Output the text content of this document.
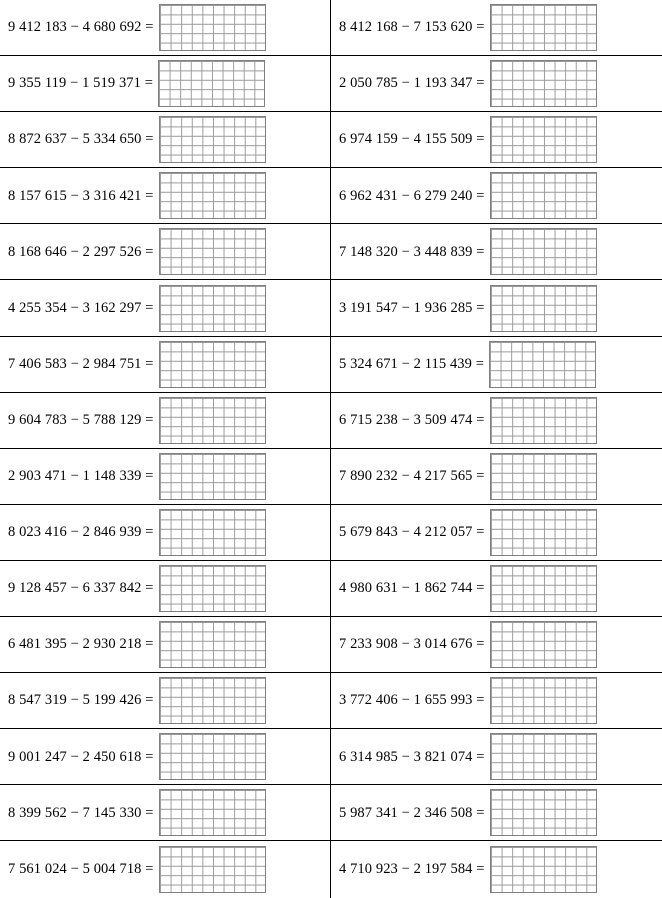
9 412 183 − 4 680 692 =
9 355 119 − 1 519 371 =
8 872 637 − 5 334 650 =
8 157 615 − 3 316 421 =
8 168 646 − 2 297 526 =
4 255 354 − 3 162 297 =
7 406 583 − 2 984 751 =
9 604 783 − 5 788 129 =
2 903 471 − 1 148 339 =
8 023 416 − 2 846 939 =
9 128 457 − 6 337 842 =
6 481 395 − 2 930 218 =
8 547 319 − 5 199 426 =
9 001 247 − 2 450 618 =
8 399 562 − 7 145 330 =
7 561 024 − 5 004 718 =
8 412 168 − 7 153 620 =
2 050 785 − 1 193 347 =
6 974 159 − 4 155 509 =
6 962 431 − 6 279 240 =
7 148 320 − 3 448 839 =
3 191 547 − 1 936 285 =
5 324 671 − 2 115 439 =
6 715 238 − 3 509 474 =
7 890 232 − 4 217 565 =
5 679 843 − 4 212 057 =
4 980 631 − 1 862 744 =
7 233 908 − 3 014 676 =
3 772 406 − 1 655 993 =
6 314 985 − 3 821 074 =
5 987 341 − 2 346 508 =
4 710 923 − 2 197 584 =
